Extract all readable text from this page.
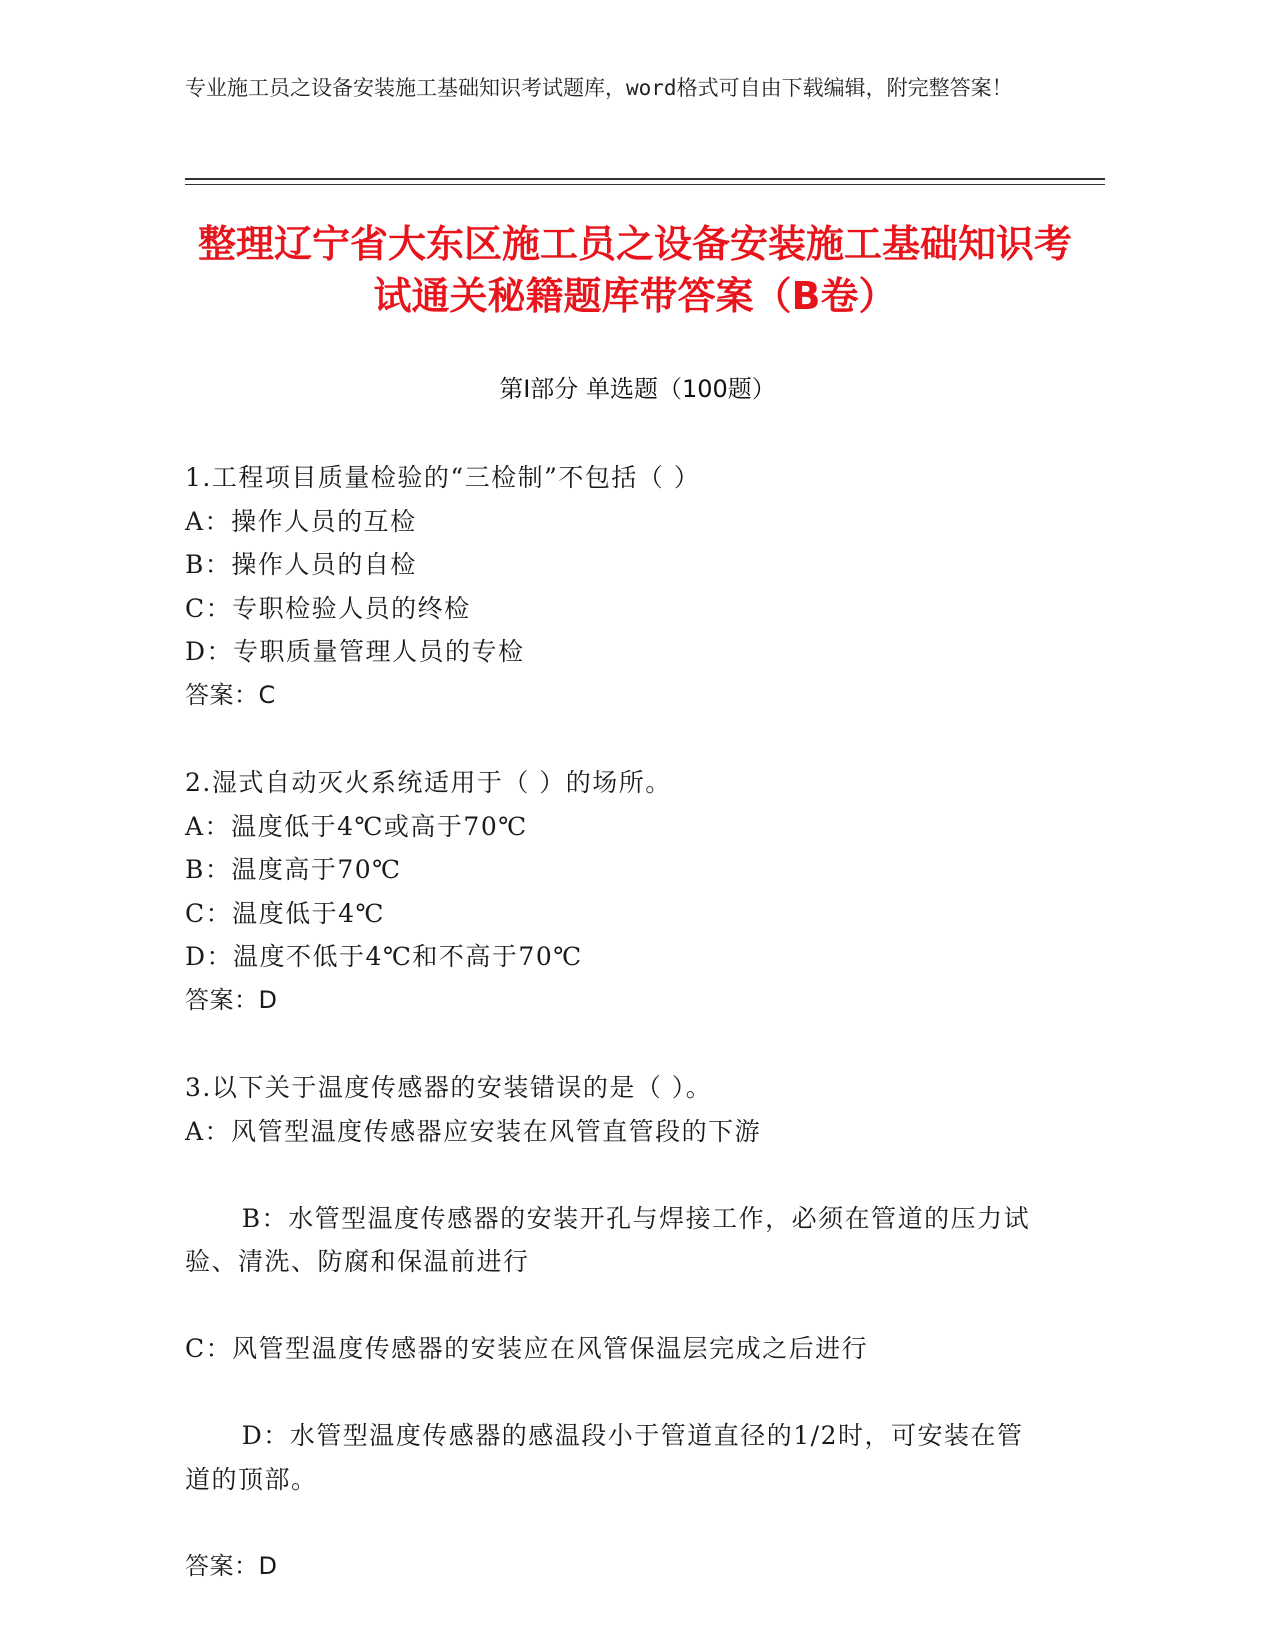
专业施工员之设备安装施工基础知识考试题库，word格式可自由下载编辑，附完整答案！
整理辽宁省大东区施工员之设备安装施工基础知识考试通关秘籍题库带答案（B卷）
第Ⅰ部分 单选题（100题）
1.工程项目质量检验的“三检制”不包括（ ）
A： 操作人员的互检
B： 操作人员的自检
C： 专职检验人员的终检
D： 专职质量管理人员的专检
答案：C
2.湿式自动灭火系统适用于（ ）的场所。
A： 温度低于4℃或高于70℃
B： 温度高于70℃
C： 温度低于4℃
D： 温度不低于4℃和不高于70℃
答案：D
3.以下关于温度传感器的安装错误的是（ ）。
A： 风管型温度传感器应安装在风管直管段的下游

B：水管型温度传感器的安装开孔与焊接工作，必须在管道的压力试验、清洗、防腐和保温前进行

C： 风管型温度传感器的安装应在风管保温层完成之后进行

D：水管型温度传感器的感温段小于管道直径的1/2时，可安装在管道的顶部。

答案：D
